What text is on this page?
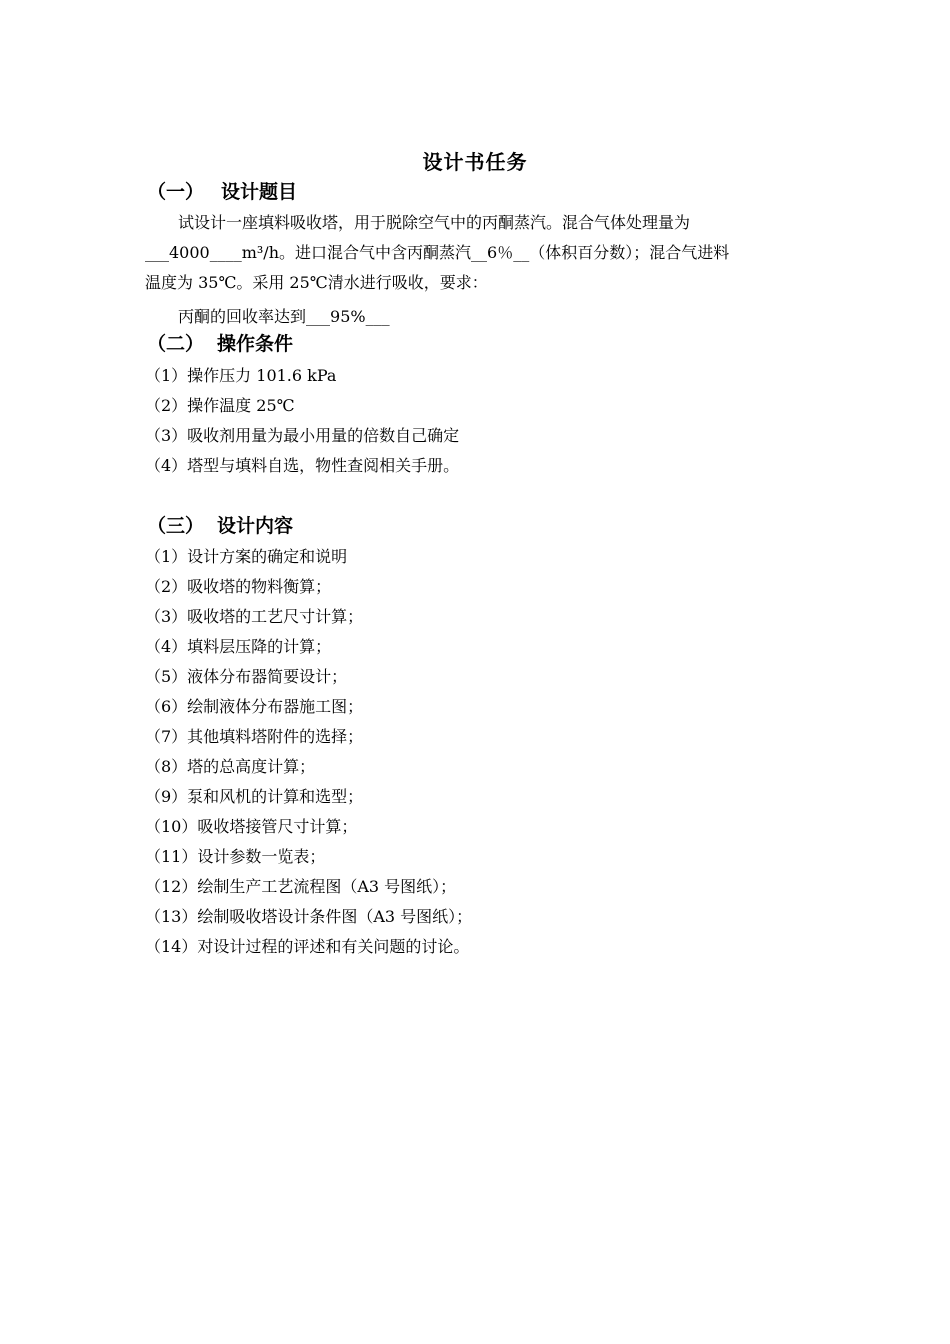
设计书任务
（一） 设计题目
试设计一座填料吸收塔，用于脱除空气中的丙酮蒸汽。混合气体处理量为
___4000____m³/h。进口混合气中含丙酮蒸汽__6％__（体积百分数）；混合气进料
温度为 35℃。采用 25℃清水进行吸收，要求：
丙酮的回收率达到___95%___
（二） 操作条件
（1）操作压力 101.6 kPa
（2）操作温度 25℃
（3）吸收剂用量为最小用量的倍数自己确定
（4）塔型与填料自选，物性查阅相关手册。
（三） 设计内容
（1）设计方案的确定和说明
（2）吸收塔的物料衡算；
（3）吸收塔的工艺尺寸计算；
（4）填料层压降的计算；
（5）液体分布器简要设计；
（6）绘制液体分布器施工图；
（7）其他填料塔附件的选择；
（8）塔的总高度计算；
（9）泵和风机的计算和选型；
（10）吸收塔接管尺寸计算；
（11）设计参数一览表；
（12）绘制生产工艺流程图（A3 号图纸）；
（13）绘制吸收塔设计条件图（A3 号图纸）；
（14）对设计过程的评述和有关问题的讨论。
